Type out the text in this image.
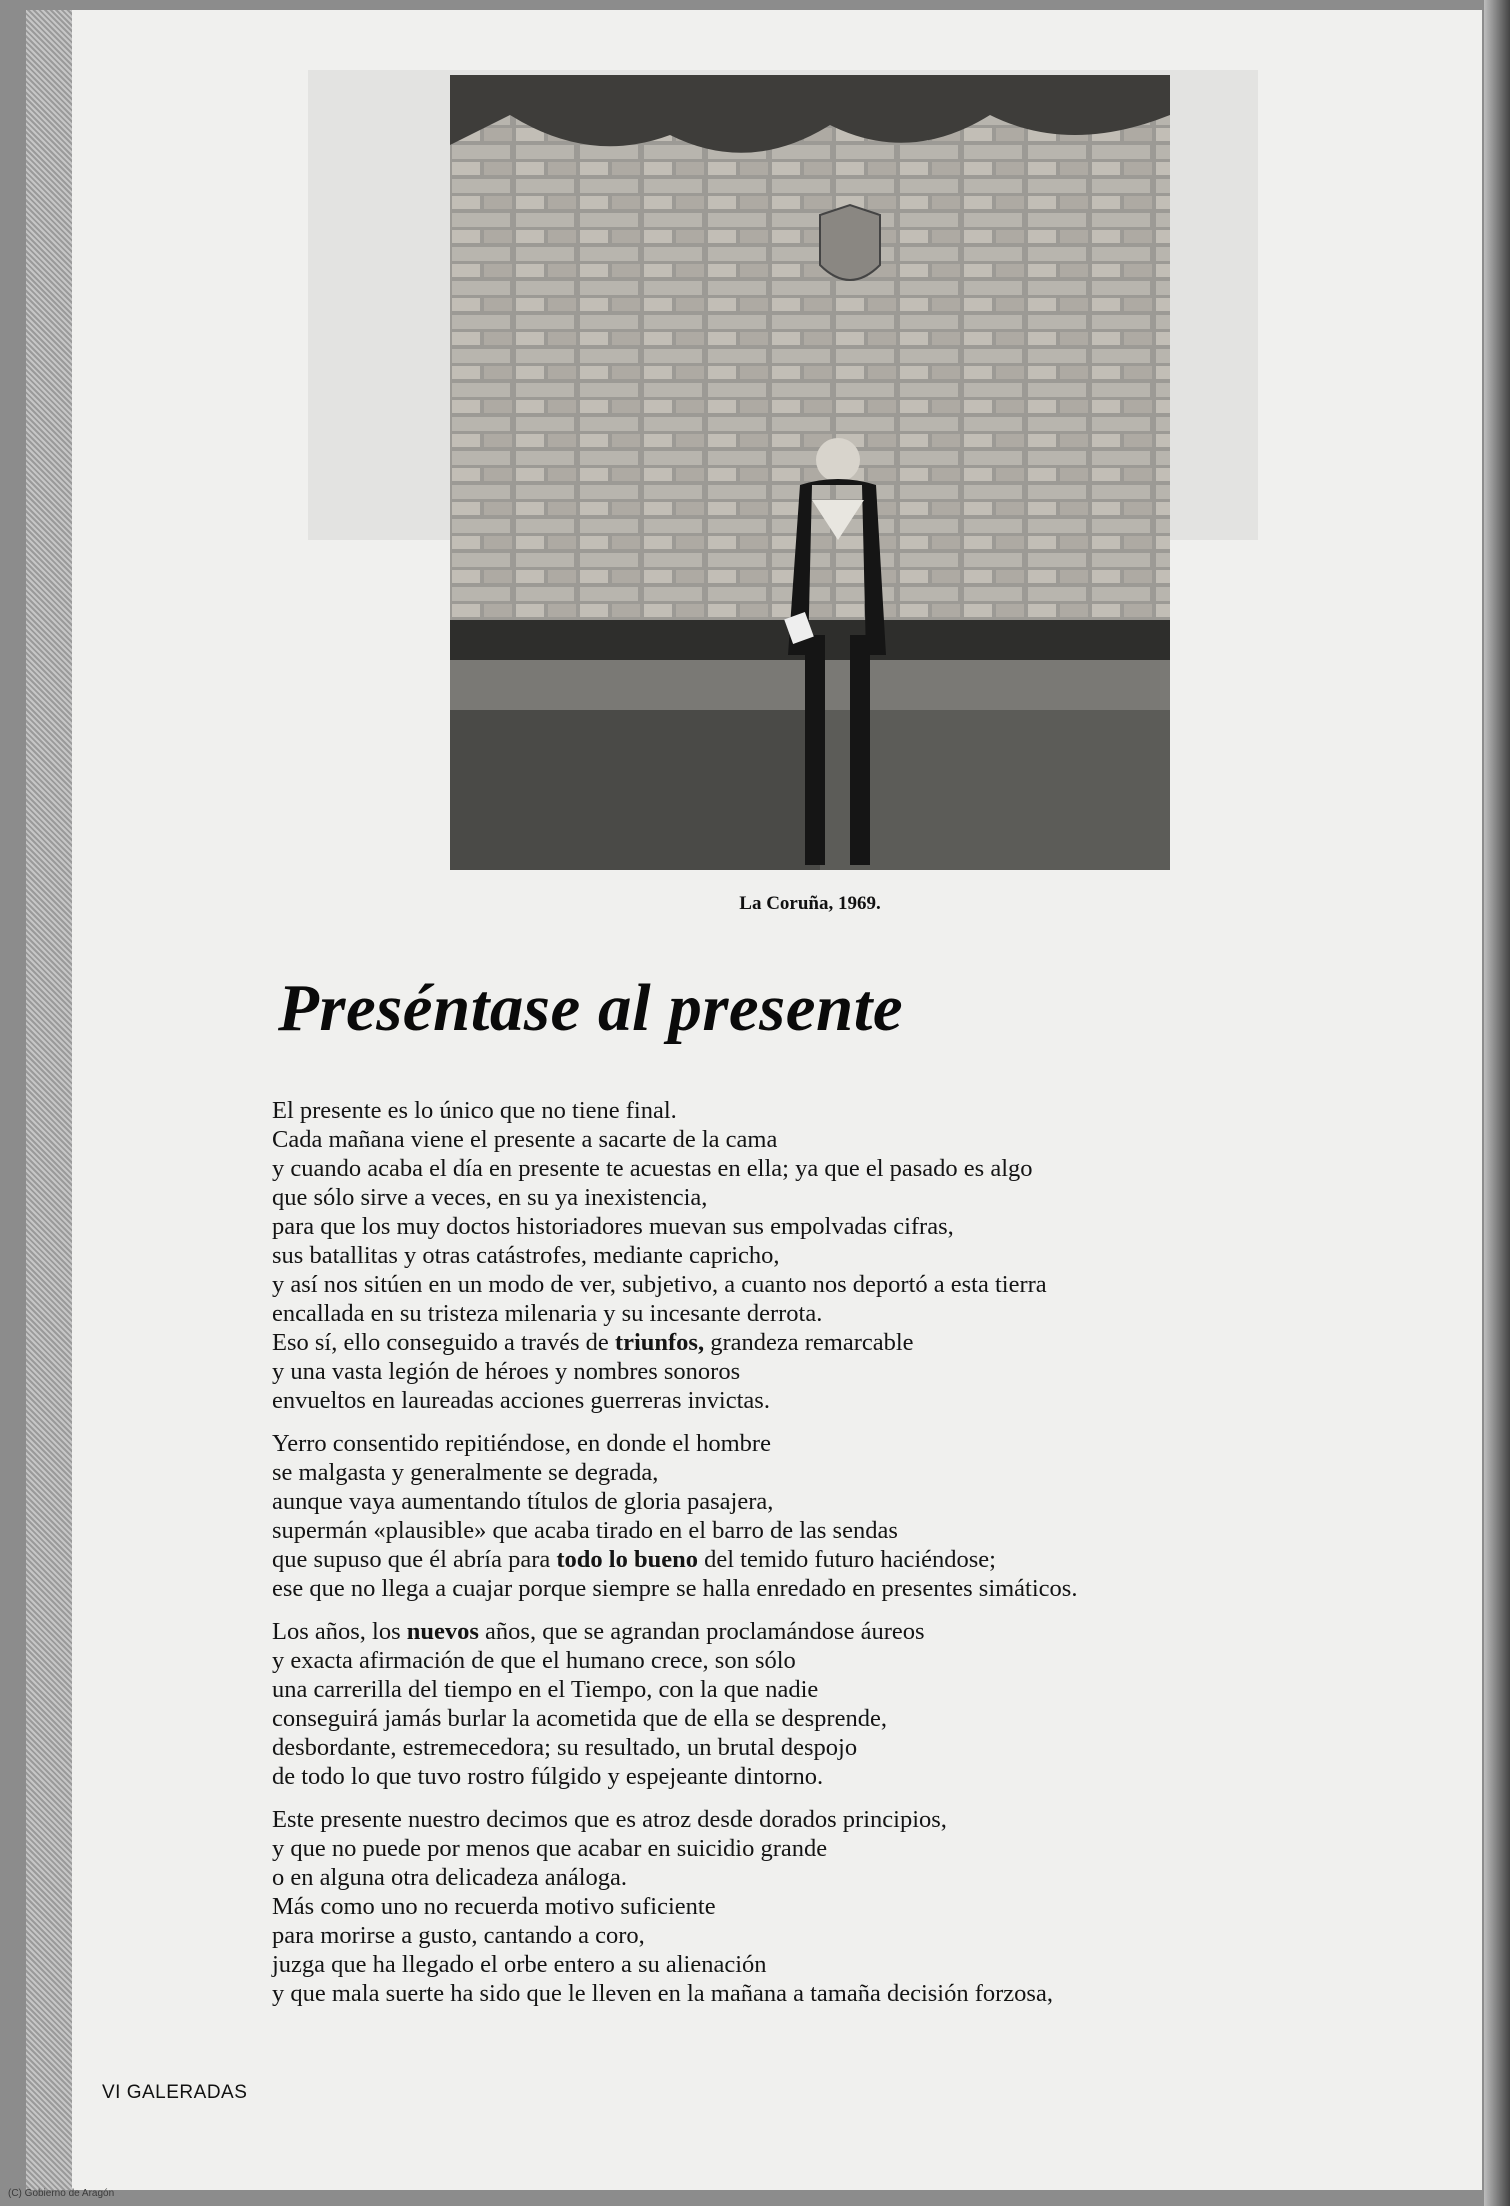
La Coruña, 1969.
Preséntase al presente
El presente es lo único que no tiene final.
Cada mañana viene el presente a sacarte de la cama
y cuando acaba el día en presente te acuestas en ella; ya que el pasado es algo
que sólo sirve a veces, en su ya inexistencia,
para que los muy doctos historiadores muevan sus empolvadas cifras,
sus batallitas y otras catástrofes, mediante capricho,
y así nos sitúen en un modo de ver, subjetivo, a cuanto nos deportó a esta tierra
encallada en su tristeza milenaria y su incesante derrota.
Eso sí, ello conseguido a través de triunfos, grandeza remarcable
y una vasta legión de héroes y nombres sonoros
envueltos en laureadas acciones guerreras invictas.
Yerro consentido repitiéndose, en donde el hombre
se malgasta y generalmente se degrada,
aunque vaya aumentando títulos de gloria pasajera,
supermán «plausible» que acaba tirado en el barro de las sendas
que supuso que él abría para todo lo bueno del temido futuro haciéndose;
ese que no llega a cuajar porque siempre se halla enredado en presentes simáticos.
Los años, los nuevos años, que se agrandan proclamándose áureos
y exacta afirmación de que el humano crece, son sólo
una carrerilla del tiempo en el Tiempo, con la que nadie
conseguirá jamás burlar la acometida que de ella se desprende,
desbordante, estremecedora; su resultado, un brutal despojo
de todo lo que tuvo rostro fúlgido y espejeante dintorno.
Este presente nuestro decimos que es atroz desde dorados principios,
y que no puede por menos que acabar en suicidio grande
o en alguna otra delicadeza análoga.
Más como uno no recuerda motivo suficiente
para morirse a gusto, cantando a coro,
juzga que ha llegado el orbe entero a su alienación
y que mala suerte ha sido que le lleven en la mañana a tamaña decisión forzosa,
VI GALERADAS
(C) Gobierno de Aragón
